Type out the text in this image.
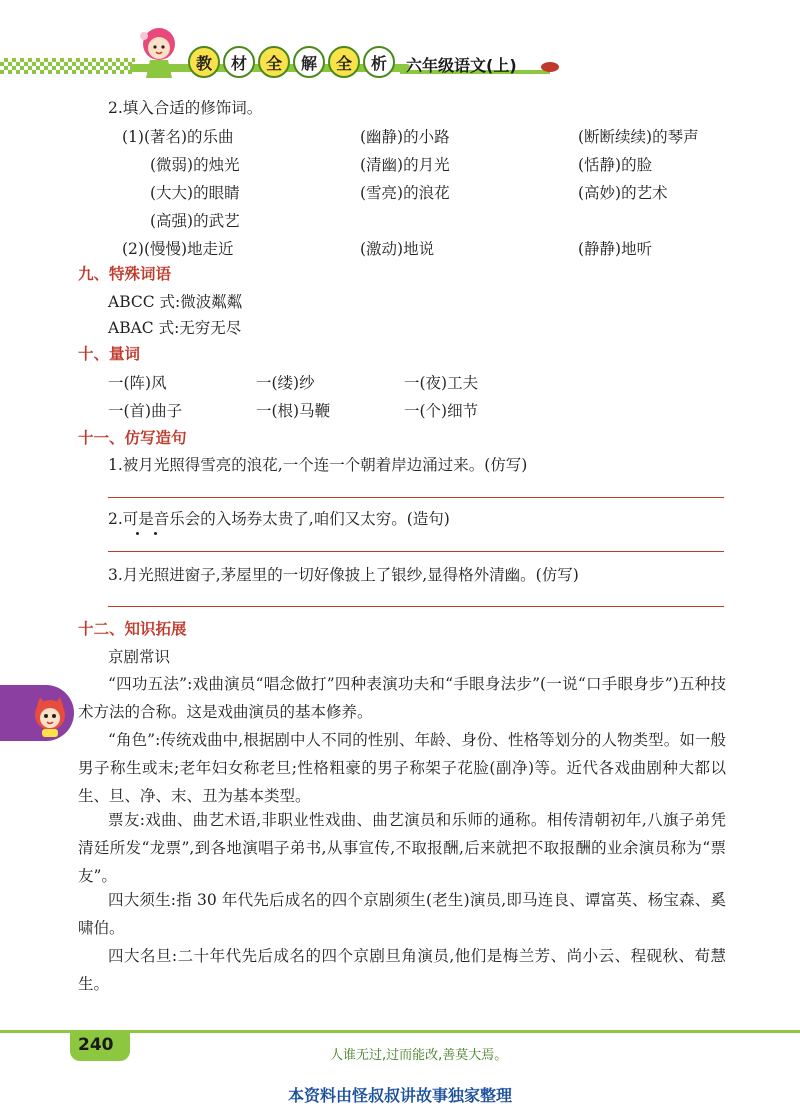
教	材	全	解	全	析	六年级语文(上)
2.填入合适的修饰词。
(1)(著名)的乐曲	(幽静)的小路	(断断续续)的琴声
(微弱)的烛光	(清幽)的月光	(恬静)的脸
(大大)的眼睛	(雪亮)的浪花	(高妙)的艺术
(高强)的武艺
(2)(慢慢)地走近	(激动)地说	(静静)地听
九、特殊词语
ABCC 式:微波粼粼
ABAC 式:无穷无尽
十、量词
一(阵)风	一(缕)纱	一(夜)工夫
一(首)曲子	一(根)马鞭	一(个)细节
十一、仿写造句
1.被月光照得雪亮的浪花,一个连一个朝着岸边涌过来。(仿写)
2.可是音乐会的入场券太贵了,咱们又太穷。(造句)
3.月光照进窗子,茅屋里的一切好像披上了银纱,显得格外清幽。(仿写)
十二、知识拓展
京剧常识
“四功五法”:戏曲演员“唱念做打”四种表演功夫和“手眼身法步”(一说“口手眼身步”)五种技术方法的合称。这是戏曲演员的基本修养。
“角色”:传统戏曲中,根据剧中人不同的性别、年龄、身份、性格等划分的人物类型。如一般男子称生或末;老年妇女称老旦;性格粗豪的男子称架子花脸(副净)等。近代各戏曲剧种大都以生、旦、净、末、丑为基本类型。
票友:戏曲、曲艺术语,非职业性戏曲、曲艺演员和乐师的通称。相传清朝初年,八旗子弟凭清廷所发“龙票”,到各地演唱子弟书,从事宣传,不取报酬,后来就把不取报酬的业余演员称为“票友”。
四大须生:指 30 年代先后成名的四个京剧须生(老生)演员,即马连良、谭富英、杨宝森、奚啸伯。
四大名旦:二十年代先后成名的四个京剧旦角演员,他们是梅兰芳、尚小云、程砚秋、荀慧生。
240
人谁无过,过而能改,善莫大焉。
本资料由怪叔叔讲故事独家整理
